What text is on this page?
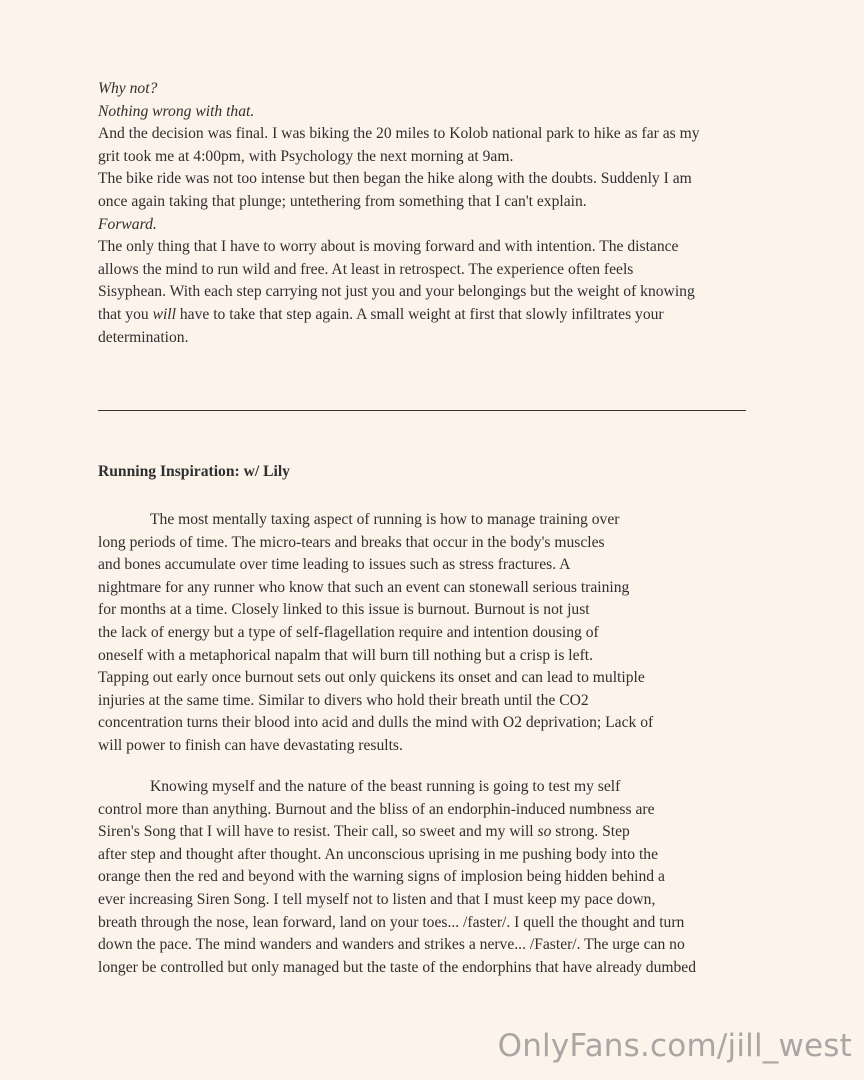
Why not?
Nothing wrong with that.
And the decision was final. I was biking the 20 miles to Kolob national park to hike as far as my
grit took me at 4:00pm, with Psychology the next morning at 9am.
The bike ride was not too intense but then began the hike along with the doubts. Suddenly I am
once again taking that plunge; untethering from something that I can't explain.
Forward.
The only thing that I have to worry about is moving forward and with intention. The distance
allows the mind to run wild and free. At least in retrospect. The experience often feels
Sisyphean. With each step carrying not just you and your belongings but the weight of knowing
that you will have to take that step again. A small weight at first that slowly infiltrates your
determination.
Running Inspiration: w/ Lily
The most mentally taxing aspect of running is how to manage training over
long periods of time. The micro-tears and breaks that occur in the body's muscles
and bones accumulate over time leading to issues such as stress fractures. A
nightmare for any runner who know that such an event can stonewall serious training
for months at a time. Closely linked to this issue is burnout. Burnout is not just
the lack of energy but a type of self-flagellation require and intention dousing of
oneself with a metaphorical napalm that will burn till nothing but a crisp is left.
Tapping out early once burnout sets out only quickens its onset and can lead to multiple
injuries at the same time. Similar to divers who hold their breath until the CO2
concentration turns their blood into acid and dulls the mind with O2 deprivation; Lack of
will power to finish can have devastating results.
Knowing myself and the nature of the beast running is going to test my self
control more than anything. Burnout and the bliss of an endorphin-induced numbness are
Siren's Song that I will have to resist. Their call, so sweet and my will so strong. Step
after step and thought after thought. An unconscious uprising in me pushing body into the
orange then the red and beyond with the warning signs of implosion being hidden behind a
ever increasing Siren Song. I tell myself not to listen and that I must keep my pace down,
breath through the nose, lean forward, land on your toes... /faster/. I quell the thought and turn
down the pace. The mind wanders and wanders and strikes a nerve... /Faster/. The urge can no
longer be controlled but only managed but the taste of the endorphins that have already dumbed
OnlyFans.com/jill_west
